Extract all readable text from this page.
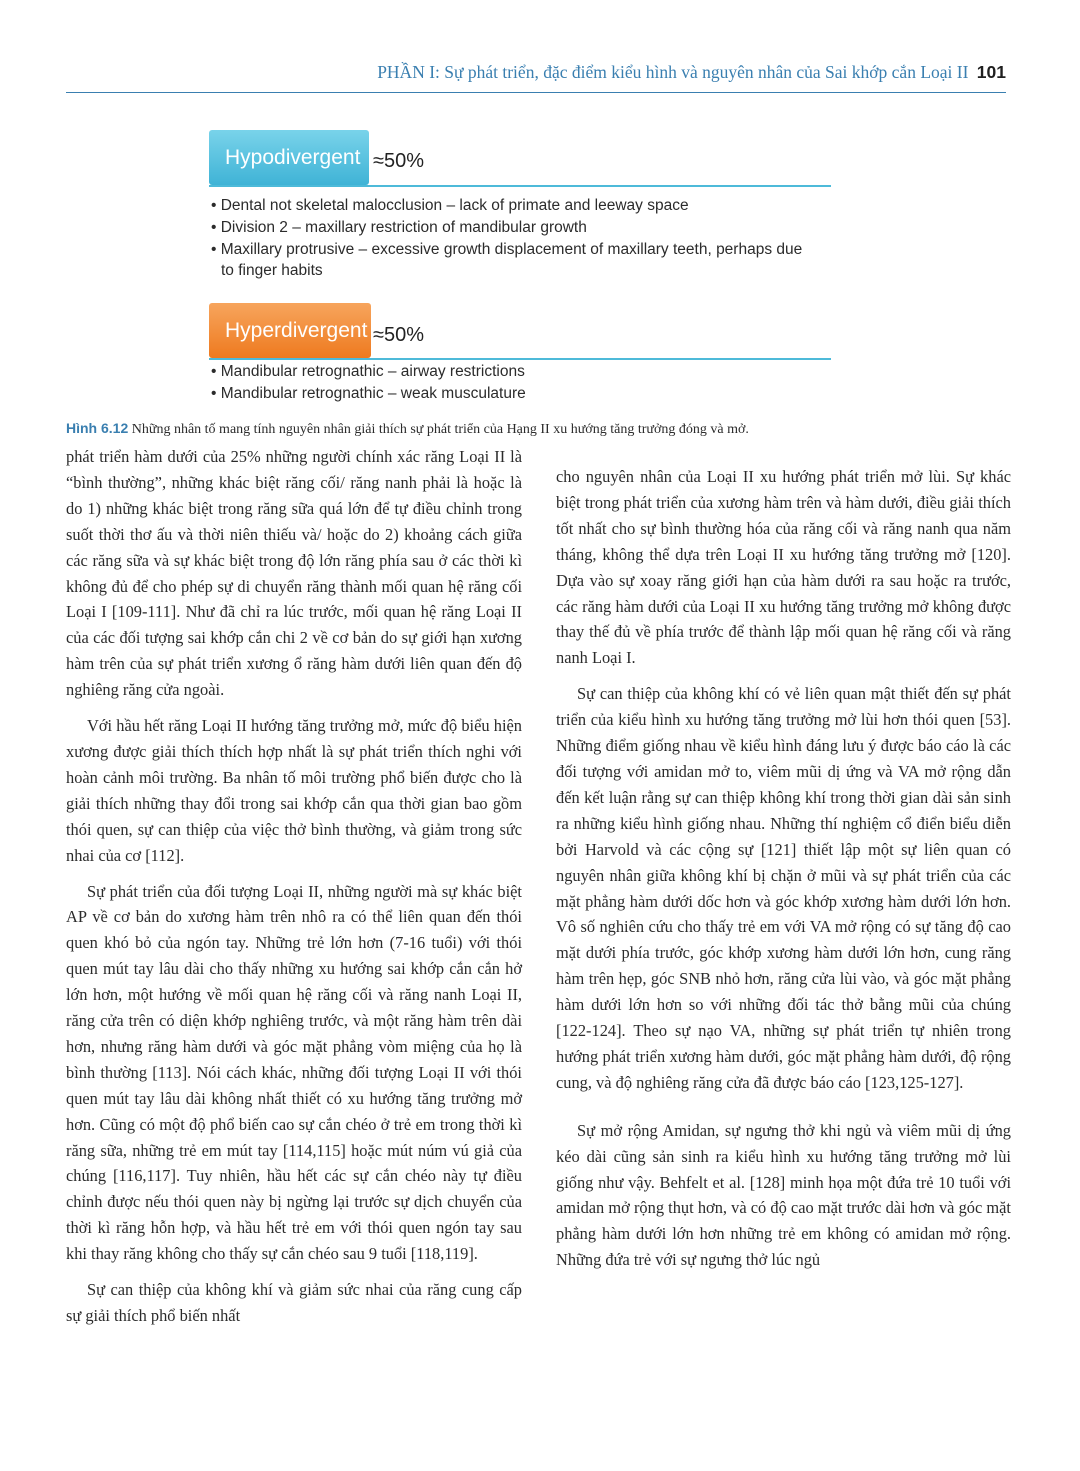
PHẦN I: Sự phát triển, đặc điểm kiểu hình và nguyên nhân của Sai khớp cắn Loại II 101
Hypodivergent ≈50%
• Dental not skeletal malocclusion – lack of primate and leeway space
• Division 2 – maxillary restriction of mandibular growth
• Maxillary protrusive – excessive growth displacement of maxillary teeth, perhaps due
to finger habits
Hyperdivergent ≈50%
• Mandibular retrognathic – airway restrictions
• Mandibular retrognathic – weak musculature
Hình 6.12 Những nhân tố mang tính nguyên nhân giải thích sự phát triển của Hạng II xu hướng tăng trưởng đóng và mở.

phát triển hàm dưới của 25% những người chính xác răng Loại II là “bình thường”, những khác biệt răng cối/ răng nanh phải là hoặc là do 1) những khác biệt trong răng sữa quá lớn để tự điều chỉnh trong suốt thời thơ ấu và thời niên thiếu và/ hoặc do 2) khoảng cách giữa các răng sữa và sự khác biệt trong độ lớn răng phía sau ở các thời kì không đủ để cho phép sự di chuyển răng thành mối quan hệ răng cối Loại I [109-111]. Như đã chỉ ra lúc trước, mối quan hệ răng Loại II của các đối tượng sai khớp cắn chi 2 về cơ bản do sự giới hạn xương hàm trên của sự phát triển xương ổ răng hàm dưới liên quan đến độ nghiêng răng cửa ngoài.

Với hầu hết răng Loại II hướng tăng trưởng mở, mức độ biểu hiện xương được giải thích thích hợp nhất là sự phát triển thích nghi với hoàn cảnh môi trường. Ba nhân tố môi trường phổ biến được cho là giải thích những thay đổi trong sai khớp cắn qua thời gian bao gồm thói quen, sự can thiệp của việc thở bình thường, và giảm trong sức nhai của cơ [112].

Sự phát triển của đối tượng Loại II, những người mà sự khác biệt AP về cơ bản do xương hàm trên nhô ra có thể liên quan đến thói quen khó bỏ của ngón tay. Những trẻ lớn hơn (7-16 tuổi) với thói quen mút tay lâu dài cho thấy những xu hướng sai khớp cắn cắn hở lớn hơn, một hướng về mối quan hệ răng cối và răng nanh Loại II, răng cửa trên có diện khớp nghiêng trước, và một răng hàm trên dài hơn, nhưng răng hàm dưới và góc mặt phẳng vòm miệng của họ là bình thường [113]. Nói cách khác, những đối tượng Loại II với thói quen mút tay lâu dài không nhất thiết có xu hướng tăng trưởng mở hơn. Cũng có một độ phổ biến cao sự cắn chéo ở trẻ em trong thời kì răng sữa, những trẻ em mút tay [114,115] hoặc mút núm vú giả của chúng [116,117]. Tuy nhiên, hầu hết các sự cắn chéo này tự điều chỉnh được nếu thói quen này bị ngừng lại trước sự dịch chuyển của thời kì răng hỗn hợp, và hầu hết trẻ em với thói quen ngón tay sau khi thay răng không cho thấy sự cắn chéo sau 9 tuổi [118,119].

Sự can thiệp của không khí và giảm sức nhai của răng cung cấp sự giải thích phổ biến nhất

cho nguyên nhân của Loại II xu hướng phát triển mở lùi. Sự khác biệt trong phát triển của xương hàm trên và hàm dưới, điều giải thích tốt nhất cho sự bình thường hóa của răng cối và răng nanh qua năm tháng, không thể dựa trên Loại II xu hướng tăng trưởng mở [120]. Dựa vào sự xoay răng giới hạn của hàm dưới ra sau hoặc ra trước, các răng hàm dưới của Loại II xu hướng tăng trưởng mở không được thay thế đủ về phía trước để thành lập mối quan hệ răng cối và răng nanh Loại I.

Sự can thiệp của không khí có vẻ liên quan mật thiết đến sự phát triển của kiểu hình xu hướng tăng trưởng mở lùi hơn thói quen [53]. Những điểm giống nhau về kiểu hình đáng lưu ý được báo cáo là các đối tượng với amidan mở to, viêm mũi dị ứng và VA mở rộng dẫn đến kết luận rằng sự can thiệp không khí trong thời gian dài sản sinh ra những kiểu hình giống nhau. Những thí nghiệm cổ điển biểu diễn bởi Harvold và các cộng sự [121] thiết lập một sự liên quan có nguyên nhân giữa không khí bị chặn ở mũi và sự phát triển của các mặt phẳng hàm dưới dốc hơn và góc khớp xương hàm dưới lớn hơn. Vô số nghiên cứu cho thấy trẻ em với VA mở rộng có sự tăng độ cao mặt dưới phía trước, góc khớp xương hàm dưới lớn hơn, cung răng hàm trên hẹp, góc SNB nhỏ hơn, răng cửa lùi vào, và góc mặt phẳng hàm dưới lớn hơn so với những đối tác thở bằng mũi của chúng [122-124]. Theo sự nạo VA, những sự phát triển tự nhiên trong hướng phát triển xương hàm dưới, góc mặt phẳng hàm dưới, độ rộng cung, và độ nghiêng răng cửa đã được báo cáo [123,125-127].

Sự mở rộng Amidan, sự ngưng thở khi ngủ và viêm mũi dị ứng kéo dài cũng sản sinh ra kiểu hình xu hướng tăng trưởng mở lùi giống như vậy. Behfelt et al. [128] minh họa một đứa trẻ 10 tuổi với amidan mở rộng thụt hơn, và có độ cao mặt trước dài hơn và góc mặt phẳng hàm dưới lớn hơn những trẻ em không có amidan mở rộng. Những đứa trẻ với sự ngưng thở lúc ngủ
